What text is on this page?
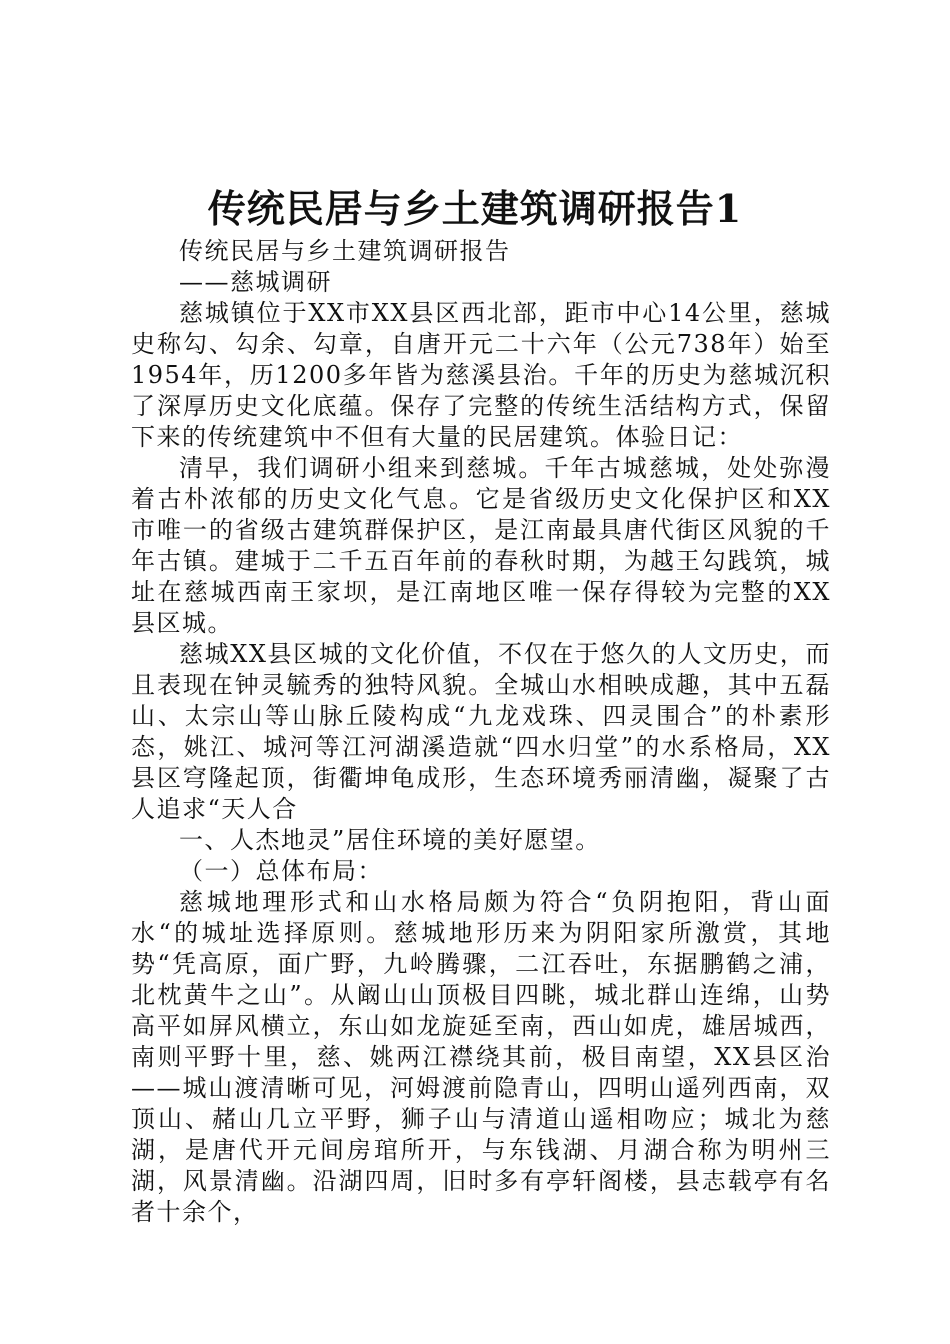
传统民居与乡土建筑调研报告1

传统民居与乡土建筑调研报告

——慈城调研

慈城镇位于XX市XX县区西北部，距市中心14公里，慈城史称勾、勾余、勾章，自唐开元二十六年（公元738年）始至1954年，历1200多年皆为慈溪县治。千年的历史为慈城沉积了深厚历史文化底蕴。保存了完整的传统生活结构方式，保留下来的传统建筑中不但有大量的民居建筑。体验日记：

清早，我们调研小组来到慈城。千年古城慈城，处处弥漫着古朴浓郁的历史文化气息。它是省级历史文化保护区和XX市唯一的省级古建筑群保护区，是江南最具唐代街区风貌的千年古镇。建城于二千五百年前的春秋时期，为越王勾践筑，城址在慈城西南王家坝，是江南地区唯一保存得较为完整的XX县区城。

慈城XX县区城的文化价值，不仅在于悠久的人文历史，而且表现在钟灵毓秀的独特风貌。全城山水相映成趣，其中五磊山、太宗山等山脉丘陵构成“九龙戏珠、四灵围合”的朴素形态，姚江、城河等江河湖溪造就“四水归堂”的水系格局，XX县区穹隆起顶，街衢坤龟成形，生态环境秀丽清幽，凝聚了古人追求“天人合

一、人杰地灵”居住环境的美好愿望。

（一）总体布局：

慈城地理形式和山水格局颇为符合“负阴抱阳，背山面水“的城址选择原则。慈城地形历来为阴阳家所激赏，其地势“凭高原，面广野，九岭腾骤，二江吞吐，东据鹏鹤之浦，北枕黄牛之山”。从阚山山顶极目四眺，城北群山连绵，山势高平如屏风横立，东山如龙旋延至南，西山如虎，雄居城西，南则平野十里，慈、姚两江襟绕其前，极目南望，XX县区治——城山渡清晰可见，河姆渡前隐青山，四明山遥列西南，双顶山、赭山几立平野，狮子山与清道山遥相吻应；城北为慈湖，是唐代开元间房琯所开，与东钱湖、月湖合称为明州三湖，风景清幽。沿湖四周，旧时多有亭轩阁楼，县志载亭有名者十余个，
